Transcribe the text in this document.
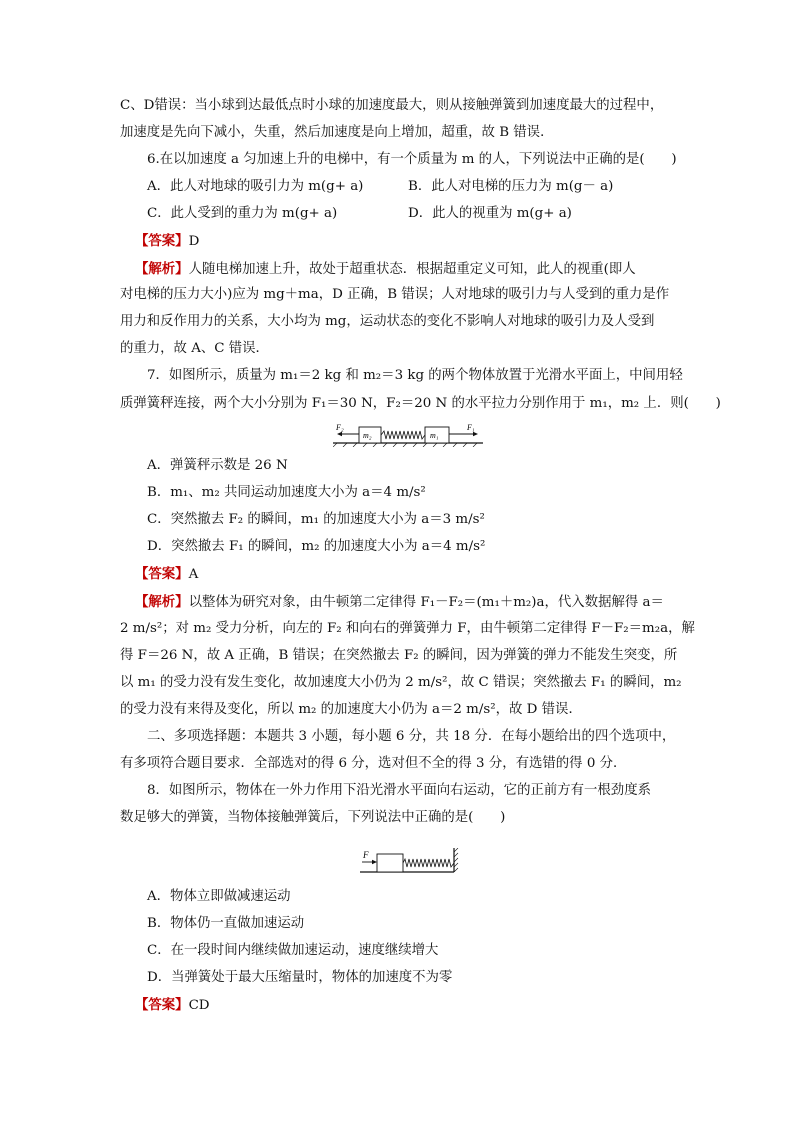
C、D错误：当小球到达最低点时小球的加速度最大，则从接触弹簧到加速度最大的过程中，
加速度是先向下减小，失重，然后加速度是向上增加，超重，故 B 错误．
6.在以加速度 a 匀加速上升的电梯中，有一个质量为 m 的人，下列说法中正确的是(　　)
A．此人对地球的吸引力为 m(g+ a)	B．此人对电梯的压力为 m(g－ a)
C．此人受到的重力为 m(g+ a)	D．此人的视重为 m(g+ a)
【答案】D
【解析】人随电梯加速上升，故处于超重状态．根据超重定义可知，此人的视重(即人
对电梯的压力大小)应为 mg＋ma，D 正确，B 错误；人对地球的吸引力与人受到的重力是作
用力和反作用力的关系，大小均为 mg，运动状态的变化不影响人对地球的吸引力及人受到
的重力，故 A、C 错误．
7．如图所示，质量为 m₁＝2 kg 和 m₂＝3 kg 的两个物体放置于光滑水平面上，中间用轻
质弹簧秤连接，两个大小分别为 F₁＝30 N，F₂＝20 N 的水平拉力分别作用于 m₁，m₂ 上．则(　　)
F₂
m₂	m₁
F₁
A．弹簧秤示数是 26 N
B．m₁、m₂ 共同运动加速度大小为 a＝4 m/s²
C．突然撤去 F₂ 的瞬间，m₁ 的加速度大小为 a＝3 m/s²
D．突然撤去 F₁ 的瞬间，m₂ 的加速度大小为 a＝4 m/s²
【答案】A
【解析】以整体为研究对象，由牛顿第二定律得 F₁－F₂＝(m₁＋m₂)a，代入数据解得 a＝
2 m/s²；对 m₂ 受力分析，向左的 F₂ 和向右的弹簧弹力 F，由牛顿第二定律得 F－F₂＝m₂a，解
得 F＝26 N，故 A 正确，B 错误；在突然撤去 F₂ 的瞬间，因为弹簧的弹力不能发生突变，所
以 m₁ 的受力没有发生变化，故加速度大小仍为 2 m/s²，故 C 错误；突然撤去 F₁ 的瞬间，m₂
的受力没有来得及变化，所以 m₂ 的加速度大小仍为 a＝2 m/s²，故 D 错误．
二、多项选择题：本题共 3 小题，每小题 6 分，共 18 分．在每小题给出的四个选项中，
有多项符合题目要求．全部选对的得 6 分，选对但不全的得 3 分，有选错的得 0 分．
8．如图所示，物体在一外力作用下沿光滑水平面向右运动，它的正前方有一根劲度系
数足够大的弹簧，当物体接触弹簧后，下列说法中正确的是(　　)
F
A．物体立即做减速运动
B．物体仍一直做加速运动
C．在一段时间内继续做加速运动，速度继续增大
D．当弹簧处于最大压缩量时，物体的加速度不为零
【答案】CD
